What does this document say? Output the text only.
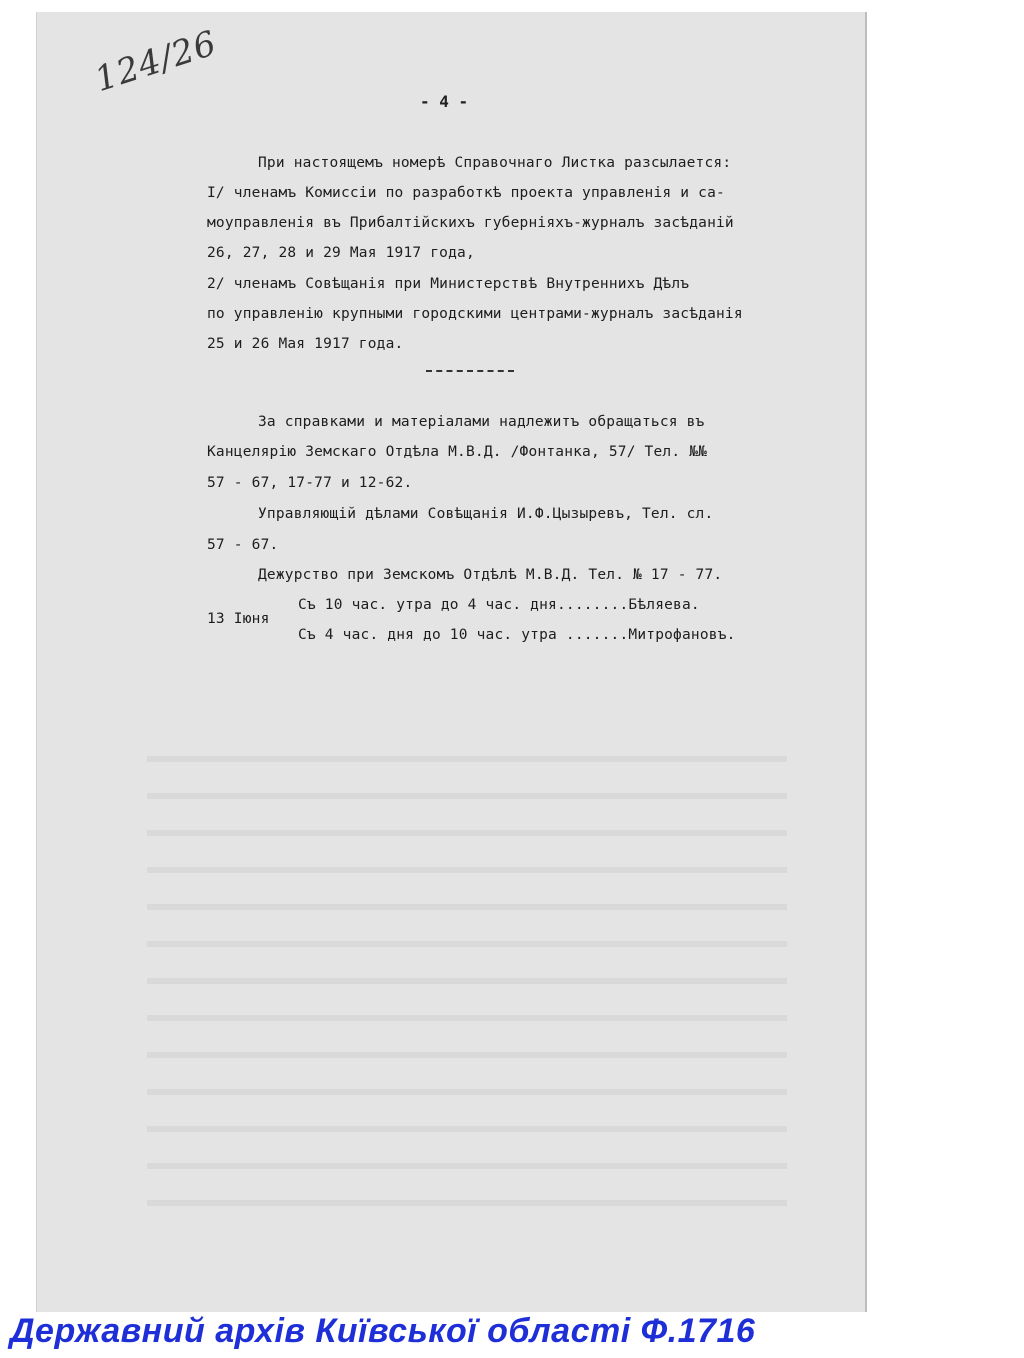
124/26
- 4 -
При настоящемъ номерѣ Справочнаго Листка разсылается:
I/ членамъ Комиссіи по разработкѣ проекта управленія и са-
моуправленія въ Прибалтійскихъ губерніяхъ-журналъ засѣданій
26, 27, 28 и 29 Мая 1917 года,
2/ членамъ Совѣщанія при Министерствѣ Внутреннихъ Дѣлъ
по управленію крупными городскими центрами-журналъ засѣданія
25 и 26 Мая 1917 года.
За справками и матеріалами надлежитъ обращаться въ
Канцелярію Земскаго Отдѣла М.В.Д. /Фонтанка, 57/ Тел. №№
57 - 67, 17-77 и 12-62.
Управляющій дѣлами Совѣщанія И.Ф.Цызыревъ, Тел. сл.
57 - 67.
Дежурство при Земскомъ Отдѣлѣ М.В.Д. Тел. № 17 - 77.
Съ 10 час. утра до 4 час. дня........Бѣляева.
13 Іюня
Съ 4 час. дня до 10 час. утра .......Митрофановъ.
Державний архів Київської області Ф.1716
